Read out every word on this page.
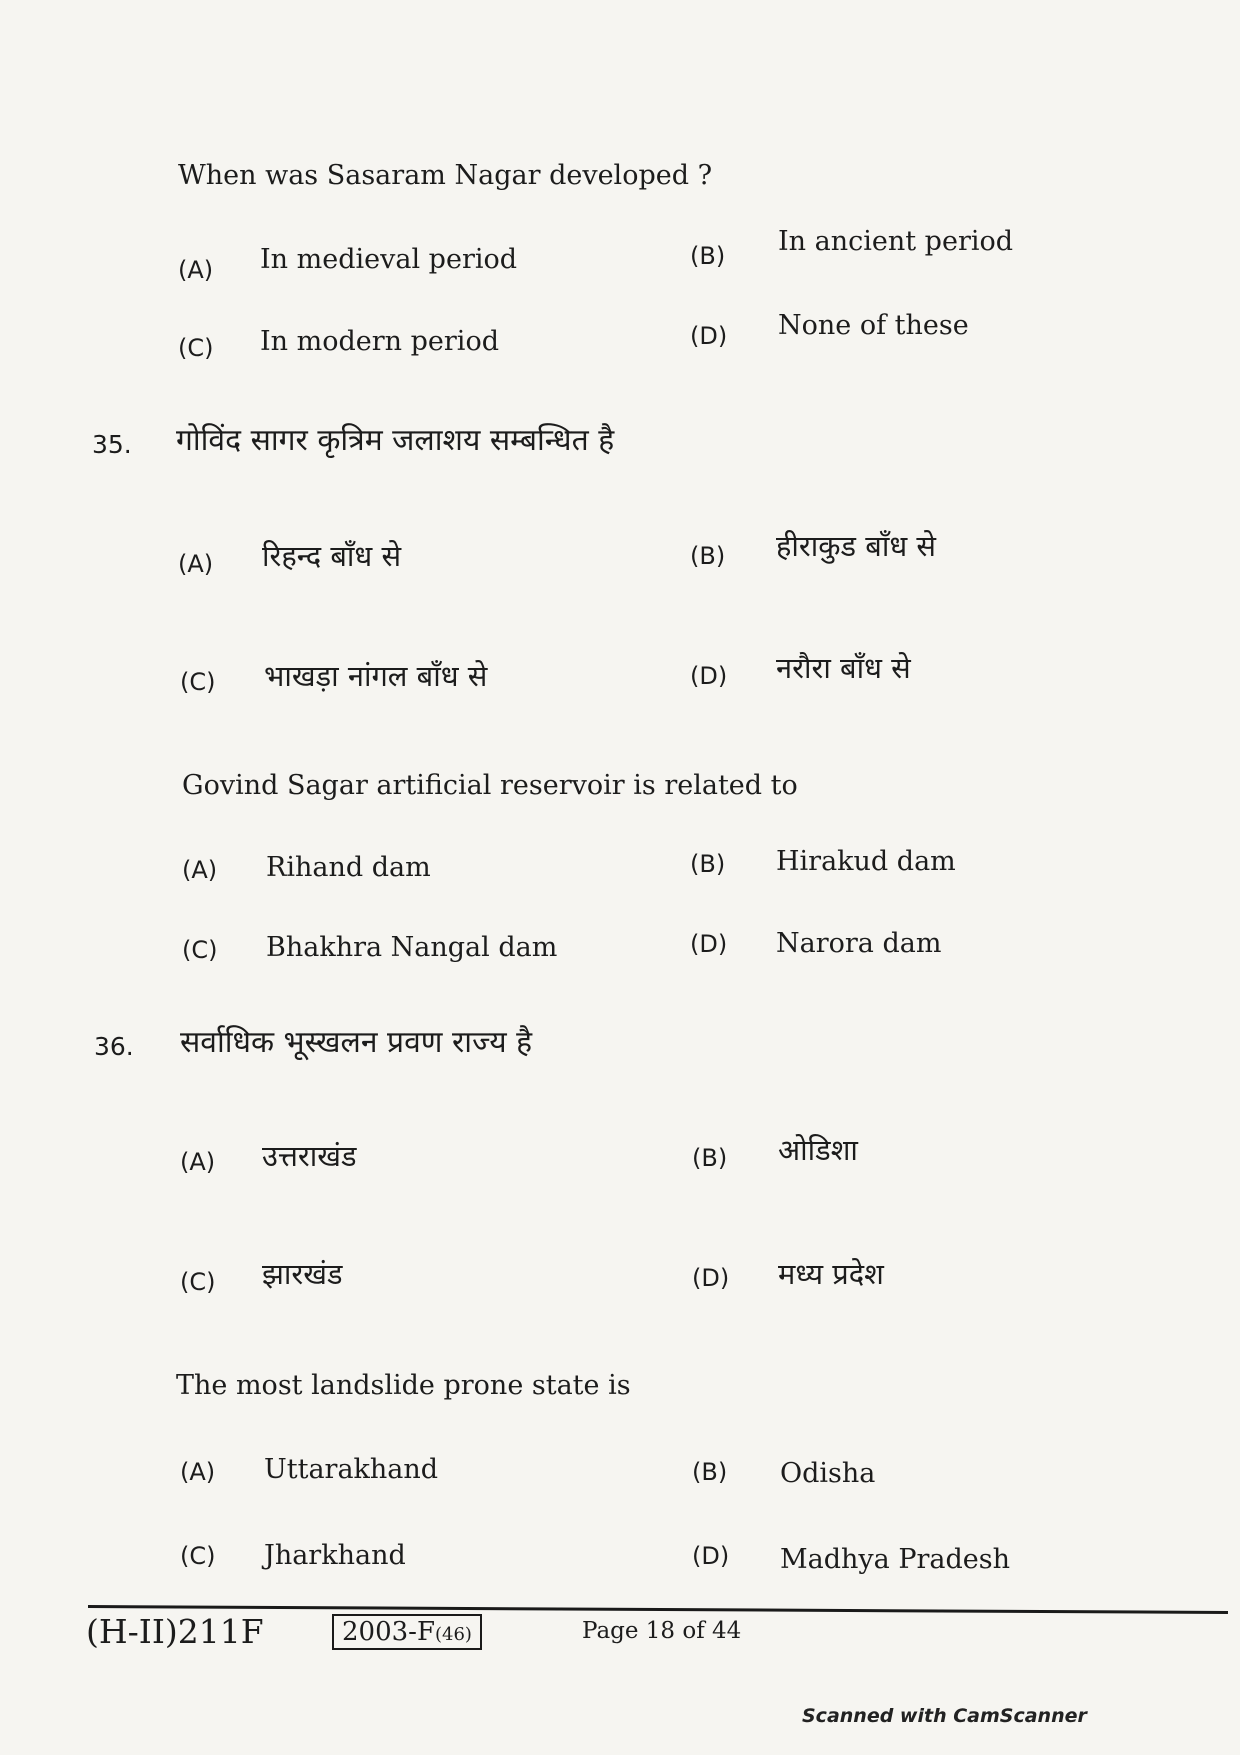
When was Sasaram Nagar developed ?
(A) In medieval period	(B) In ancient period
(C) In modern period	(D) None of these
35. गोविंद सागर कृत्रिम जलाशय सम्बन्धित है
(A) रिहन्द बाँध से	(B) हीराकुड बाँध से
(C) भाखड़ा नांगल बाँध से	(D) नरौरा बाँध से
Govind Sagar artificial reservoir is related to
(A) Rihand dam	(B) Hirakud dam
(C) Bhakhra Nangal dam	(D) Narora dam
36. सर्वाधिक भूस्खलन प्रवण राज्य है
(A) उत्तराखंड	(B) ओडिशा
(C) झारखंड	(D) मध्य प्रदेश
The most landslide prone state is
(A) Uttarakhand	(B) Odisha
(C) Jharkhand	(D) Madhya Pradesh
(H-II)211F	2003-F(46)	Page 18 of 44
Scanned with CamScanner
